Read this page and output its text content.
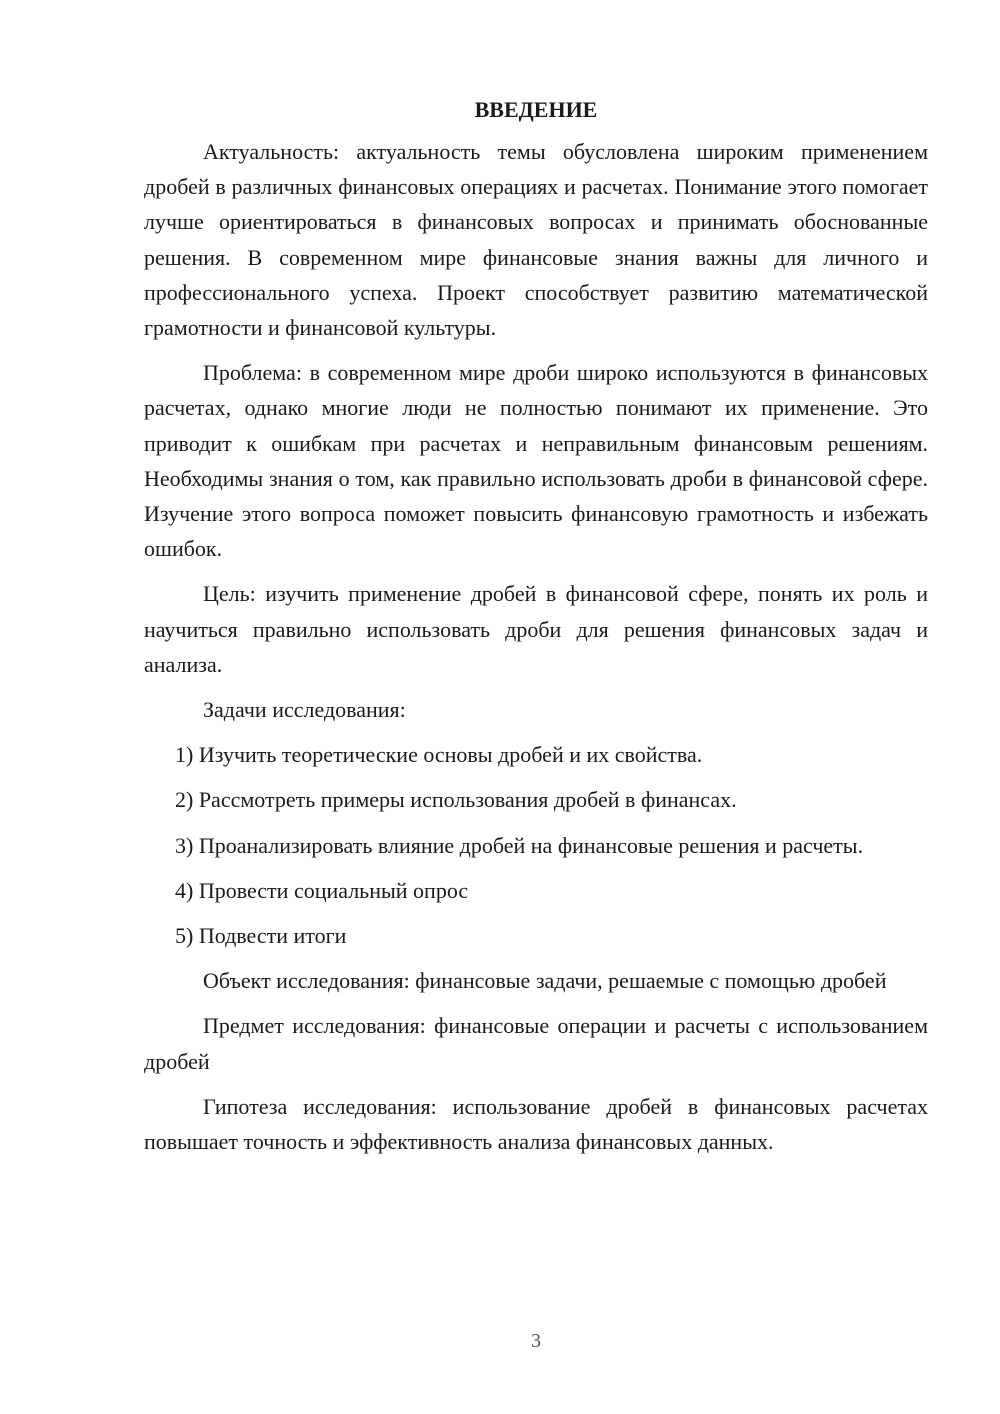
ВВЕДЕНИЕ

Актуальность: актуальность темы обусловлена широким применением дробей в различных финансовых операциях и расчетах. Понимание этого помогает лучше ориентироваться в финансовых вопросах и принимать обоснованные решения. В современном мире финансовые знания важны для личного и профессионального успеха. Проект способствует развитию математической грамотности и финансовой культуры.

Проблема: в современном мире дроби широко используются в финансовых расчетах, однако многие люди не полностью понимают их применение. Это приводит к ошибкам при расчетах и неправильным финансовым решениям. Необходимы знания о том, как правильно использовать дроби в финансовой сфере. Изучение этого вопроса поможет повысить финансовую грамотность и избежать ошибок.

Цель: изучить применение дробей в финансовой сфере, понять их роль и научиться правильно использовать дроби для решения финансовых задач и анализа.

Задачи исследования:

1) Изучить теоретические основы дробей и их свойства.

2) Рассмотреть примеры использования дробей в финансах.

3) Проанализировать влияние дробей на финансовые решения и расчеты.

4) Провести социальный опрос

5) Подвести итоги

Объект исследования: финансовые задачи, решаемые с помощью дробей

Предмет исследования: финансовые операции и расчеты с использованием дробей

Гипотеза исследования: использование дробей в финансовых расчетах повышает точность и эффективность анализа финансовых данных.

3
